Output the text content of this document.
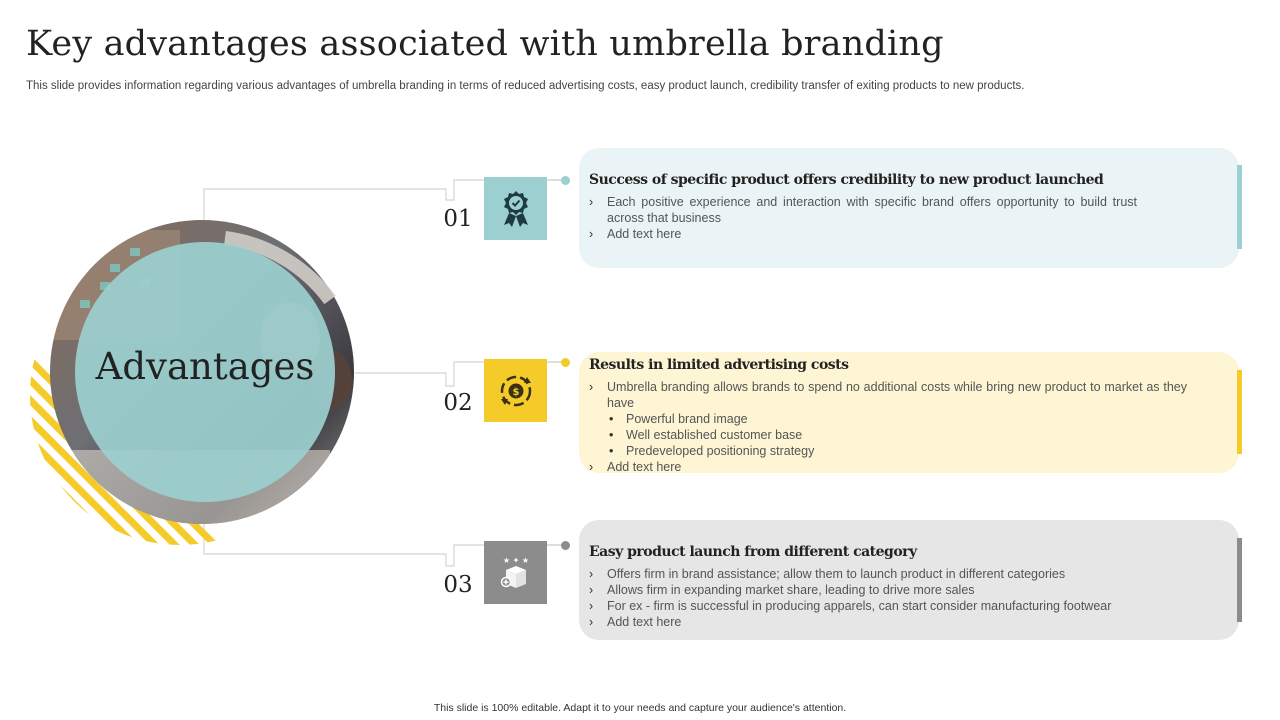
Key advantages associated with umbrella branding
This slide provides information regarding various advantages of umbrella branding in terms of reduced advertising costs, easy product launch, credibility transfer of exiting products to new products.
Advantages
01
02
03
$
★ ✦ ★
Success of specific product offers credibility to new product launched
› Each positive experience and interaction with specific brand offers opportunity to build trust across that business
› Add text here
Results in limited advertising costs
› Umbrella branding allows brands to spend no additional costs while bring new product to market as they have
• Powerful brand image
• Well established customer base
• Predeveloped positioning strategy
› Add text here
Easy product launch from different category
› Offers firm in brand assistance; allow them to launch product in different categories
› Allows firm in expanding market share, leading to drive more sales
› For ex - firm is successful in producing apparels, can start consider manufacturing footwear
› Add text here
This slide is 100% editable. Adapt it to your needs and capture your audience's attention.
